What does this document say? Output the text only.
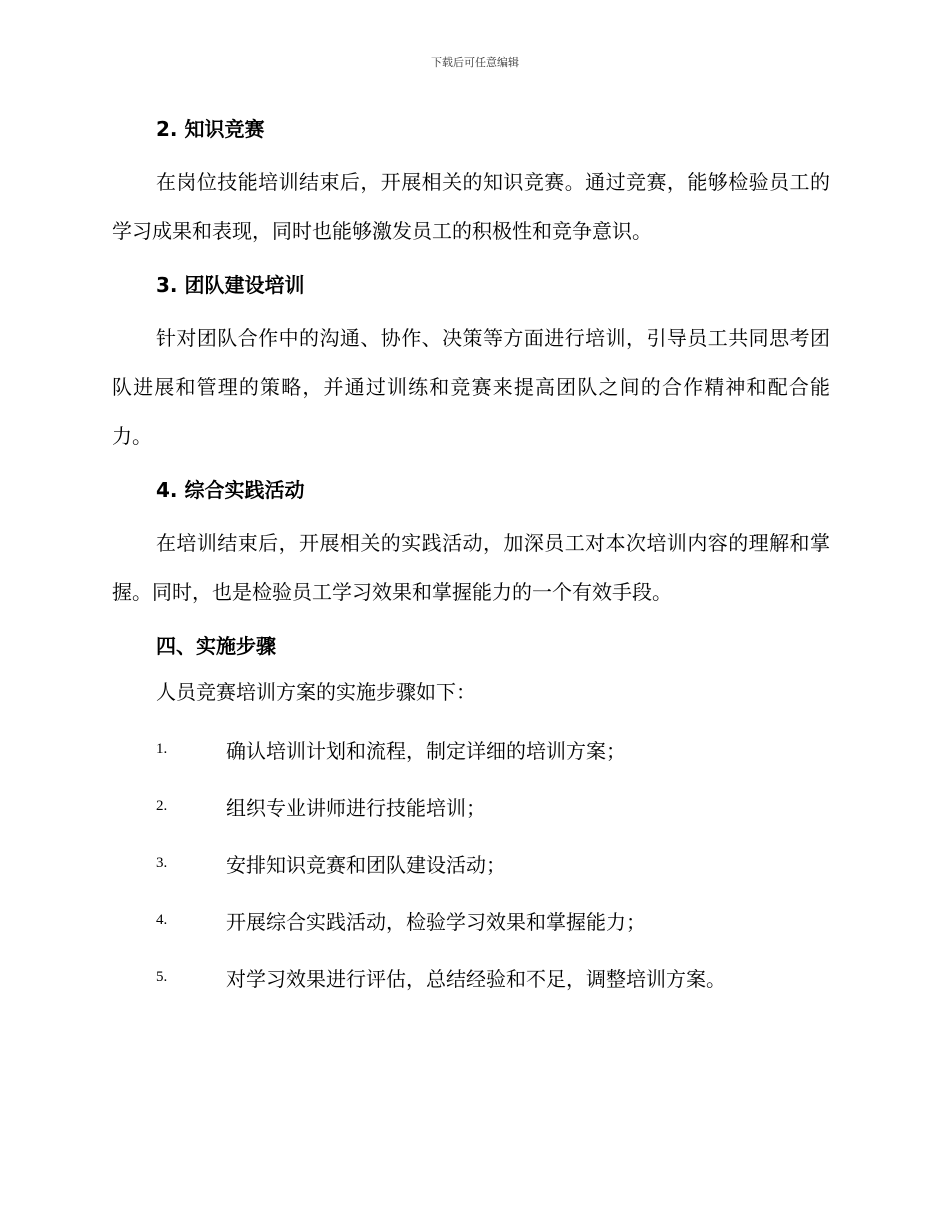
下载后可任意编辑
2. 知识竞赛

在岗位技能培训结束后，开展相关的知识竞赛。通过竞赛，能够检验员工的学习成果和表现，同时也能够激发员工的积极性和竞争意识。

3. 团队建设培训

针对团队合作中的沟通、协作、决策等方面进行培训，引导员工共同思考团队进展和管理的策略，并通过训练和竞赛来提高团队之间的合作精神和配合能力。

4. 综合实践活动

在培训结束后，开展相关的实践活动，加深员工对本次培训内容的理解和掌握。同时，也是检验员工学习效果和掌握能力的一个有效手段。

四、实施步骤
人员竞赛培训方案的实施步骤如下：
1.	确认培训计划和流程，制定详细的培训方案；
2.	组织专业讲师进行技能培训；
3.	安排知识竞赛和团队建设活动；
4.	开展综合实践活动，检验学习效果和掌握能力；
5.	对学习效果进行评估，总结经验和不足，调整培训方案。
